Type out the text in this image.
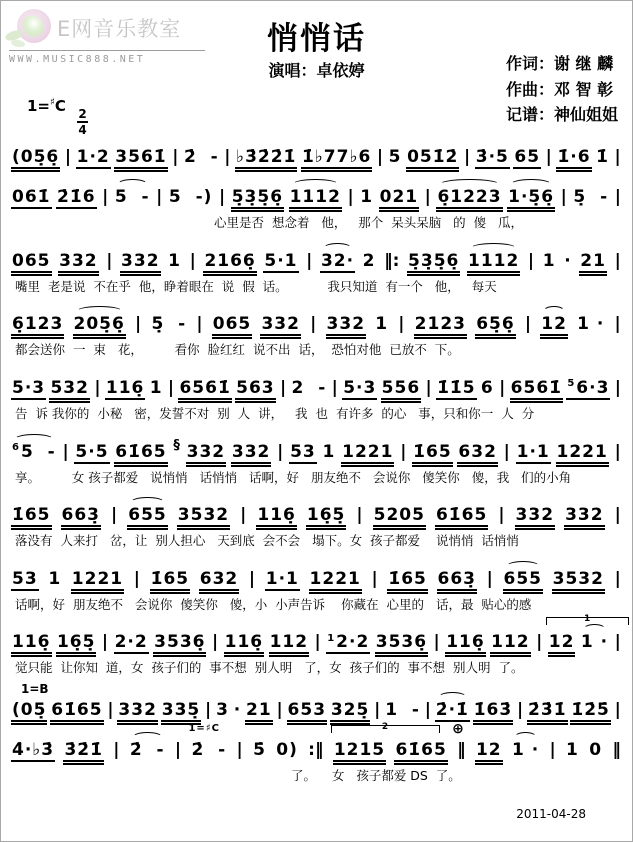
E网音乐教室
WWW.MUSIC888.NET
悄悄话
演唱：卓依婷	作词：谢 继 麟
作曲：邓 智 彰
记谱：神仙姐姐
1=♯C
$\frac{2}{4}$
(05̣6̣ | 1·2 3561̇ | 2̇  - | ♭3̇2̇2̇1̇ 1̇♭77♭6 | 5 051̇2̇ | 3̇·5 65 | 1̇·6 1̇ |
061̇ 2̇1̇6 | 5  - | 5  -) | 5̣3̣5̣6̣ 1112 | 1 021 | 6̣1223 1·5̣6̣ | 5̣  - |
心里是否  想念着   他，   那个  呆头呆脑   的  傻   瓜，
065 332 | 332 1 | 2166̣ 5·1 | 32· 2 ‖: 5̣3̣5̣6̣ 1112 | 1 · 21 |
嘴里  老是说  不在乎  他，睁着眼在  说  假  话。          我只知道  有一个   他，   每天
6̣123 205̣6̣ | 5̣  - | 065 332 | 332 1 | 2123 65̣6̣ | 12 1 · |
都会送你  一  束   花，        看你  脸红红  说不出  话，  恐怕对他  已放不  下。
5·3 532 | 116̣ 1 | 6561̇ 563 | 2  - | 5·3 556 | 1̇1̇5 6 | 6561̇ $^5$6·3 |
告  诉 我你的  小秘   密，发誓不对  别  人  讲，   我  也  有许多  的心   事，只和你一  人  分
$^6$5  - | 5·5 61̇65 § 332 332 | 53 1 1221 | 1̇65 632 | 1·1 1221 |
享。        女 孩子都爱   说悄悄   话悄悄   话啊，好   朋友绝不   会说你   傻笑你   傻，我   们的小角
1̇65 663̣ | 655 3532 | 116̣ 16̣5̣ | 5205 61̇65 | 332 332 |
落没有  人来打   岔，让  别人担心   天到底  会不会   塌下。女  孩子都爱    说悄悄  话悄悄
53 1 1221 | 1̇65 632 | 1·1 1221 | 1̇65 663̣ | 655 3532 |
话啊，好  朋友绝不   会说你  傻笑你   傻，小  小声告诉    你藏在  心里的   话，最  贴心的感
116̣ 16̣5̣ | 2·2 3536̣ | 116̣ 112 | $^1$2·2 3536̣ | 116̣ 112 | 12
1
1 · |
觉只能  让你知  道，女  孩子们的  事不想  别人明   了，女  孩子们的  事不想  别人明  了。
1=B
(05̣ 61̇65 | 332 335̣ | 3 · 21 | 653 325̣ | 1  - | 2̇·1̇ 1̇63̇ | 2̇3̇1̇ 1̇2̇5̇ |
4̇·♭3̇ 3̇2̇1̇ | 2̇  - | 2̇  -
1=♯C
| 5̇ 0) :‖ 1215
2
61̇65 ‖
⊕
12 1 · | 1 0 ‖
了。    女   孩子都爱 DS  了。
2011-04-28
